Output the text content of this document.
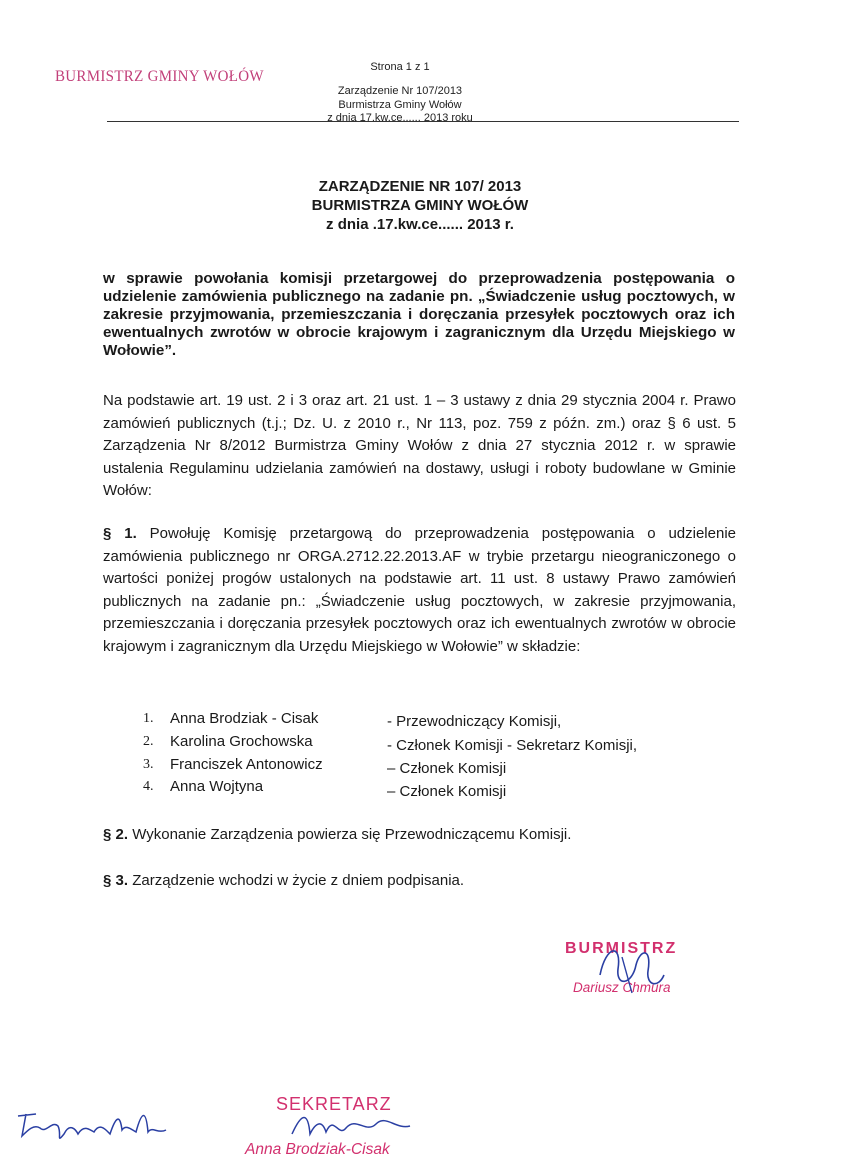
BURMISTRZ GMINY WOŁÓW
Strona 1 z 1
Zarządzenie Nr 107/2013
Burmistrza Gminy Wołów
z dnia 17.kw.ce...... 2013 roku
ZARZĄDZENIE NR 107/ 2013
BURMISTRZA GMINY WOŁÓW
z dnia .17.kw.ce...... 2013 r.
w sprawie powołania komisji przetargowej do przeprowadzenia postępowania o udzielenie zamówienia publicznego na zadanie pn. „Świadczenie usług pocztowych, w zakresie przyjmowania, przemieszczania i doręczania przesyłek pocztowych oraz ich ewentualnych zwrotów w obrocie krajowym i zagranicznym dla Urzędu Miejskiego w Wołowie”.
Na podstawie art. 19 ust. 2 i 3 oraz art. 21 ust. 1 – 3 ustawy z dnia 29 stycznia 2004 r. Prawo zamówień publicznych (t.j.; Dz. U. z 2010 r., Nr 113, poz. 759 z późn. zm.) oraz § 6 ust. 5 Zarządzenia Nr 8/2012 Burmistrza Gminy Wołów z dnia 27 stycznia 2012 r. w sprawie ustalenia Regulaminu udzielania zamówień na dostawy, usługi i roboty budowlane w Gminie Wołów:
§ 1. Powołuję Komisję przetargową do przeprowadzenia postępowania o udzielenie zamówienia publicznego nr ORGA.2712.22.2013.AF w trybie przetargu nieograniczonego o wartości poniżej progów ustalonych na podstawie art. 11 ust. 8 ustawy Prawo zamówień publicznych na zadanie pn.: „Świadczenie usług pocztowych, w zakresie przyjmowania, przemieszczania i doręczania przesyłek pocztowych oraz ich ewentualnych zwrotów w obrocie krajowym i zagranicznym dla Urzędu Miejskiego w Wołowie” w składzie:
1.	Anna Brodziak - Cisak	- Przewodniczący Komisji,
2.	Karolina Grochowska	- Członek Komisji - Sekretarz Komisji,
3.	Franciszek Antonowicz	– Członek Komisji
4.	Anna Wojtyna	– Członek Komisji
§ 2. Wykonanie Zarządzenia powierza się Przewodniczącemu Komisji.
§ 3. Zarządzenie wchodzi w życie z dniem podpisania.
BURMISTRZ
Dariusz Chmura
SEKRETARZ
Anna Brodziak-Cisak
